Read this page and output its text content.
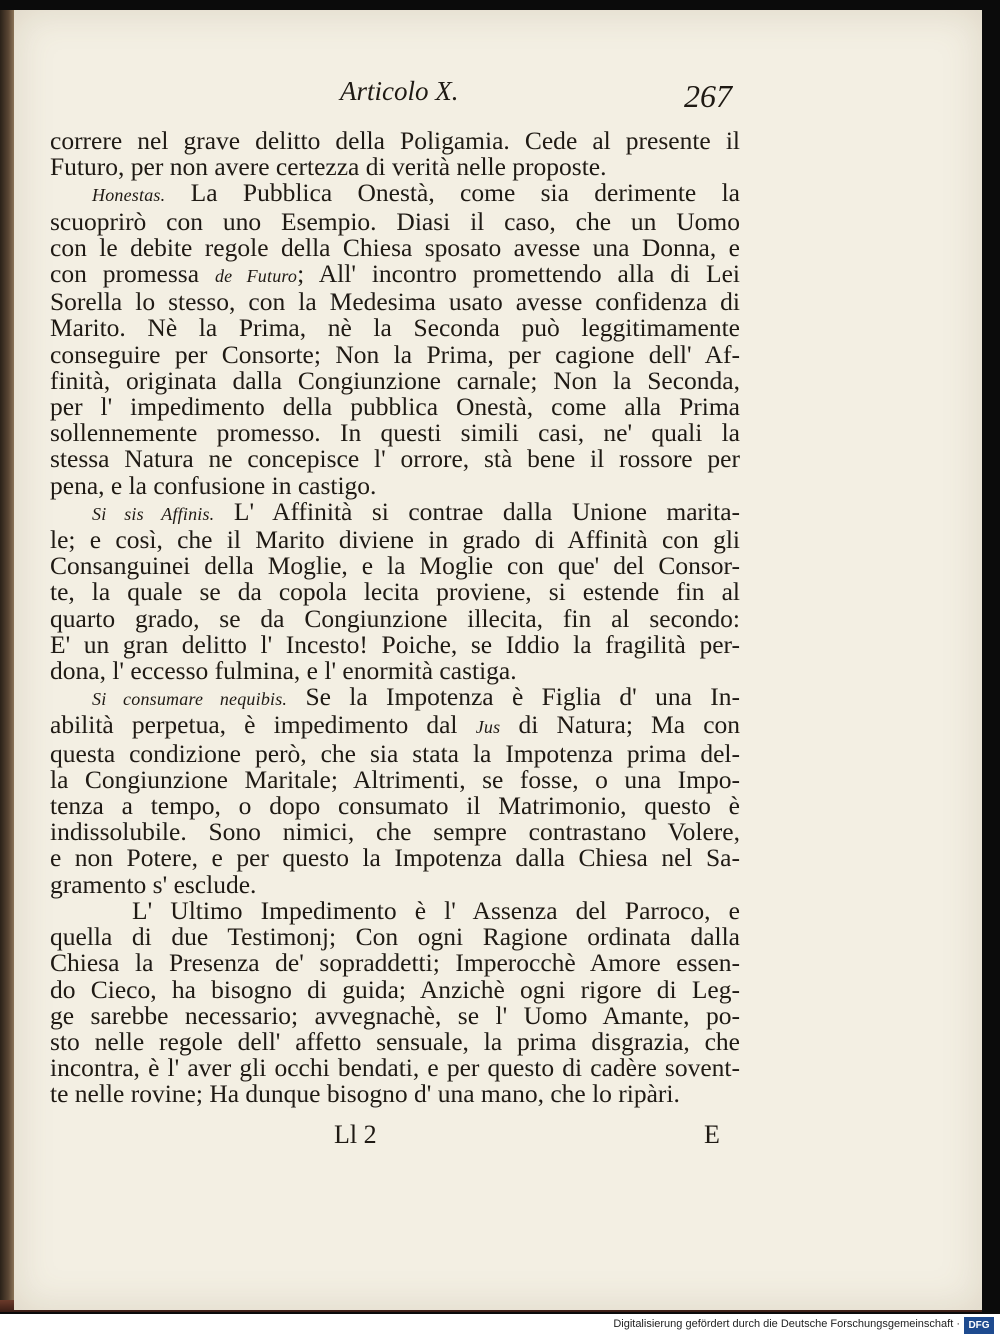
Articolo X.	267
correre nel grave delitto della Poligamia. Cede al presente il
Futuro, per non avere certezza di verità nelle proposte.
Honestas. La Pubblica Onestà, come sia derimente la
scuoprirò con uno Esempio. Diasi il caso, che un Uomo
con le debite regole della Chiesa sposato avesse una Donna, e
con promessa de Futuro; All' incontro promettendo alla di Lei
Sorella lo stesso, con la Medesima usato avesse confidenza di
Marito. Nè la Prima, nè la Seconda può leggitimamente
conseguire per Consorte; Non la Prima, per cagione dell' Af-
finità, originata dalla Congiunzione carnale; Non la Seconda,
per l' impedimento della pubblica Onestà, come alla Prima
sollennemente promesso. In questi simili casi, ne' quali la
stessa Natura ne concepisce l' orrore, stà bene il rossore per
pena, e la confusione in castigo.
Si sis Affinis. L' Affinità si contrae dalla Unione marita-
le; e così, che il Marito diviene in grado di Affinità con gli
Consanguinei della Moglie, e la Moglie con que' del Consor-
te, la quale se da copola lecita proviene, si estende fin al
quarto grado, se da Congiunzione illecita, fin al secondo:
E' un gran delitto l' Incesto! Poiche, se Iddio la fragilità per-
dona, l' eccesso fulmina, e l' enormità castiga.
Si consumare nequibis. Se la Impotenza è Figlia d' una In-
abilità perpetua, è impedimento dal Jus di Natura; Ma con
questa condizione però, che sia stata la Impotenza prima del-
la Congiunzione Maritale; Altrimenti, se fosse, o una Impo-
tenza a tempo, o dopo consumato il Matrimonio, questo è
indissolubile. Sono nimici, che sempre contrastano Volere,
e non Potere, e per questo la Impotenza dalla Chiesa nel Sa-
gramento s' esclude.
L' Ultimo Impedimento è l' Assenza del Parroco, e
quella di due Testimonj; Con ogni Ragione ordinata dalla
Chiesa la Presenza de' sopraddetti; Imperocchè Amore essen-
do Cieco, ha bisogno di guida; Anzichè ogni rigore di Leg-
ge sarebbe necessario; avvegnachè, se l' Uomo Amante, po-
sto nelle regole dell' affetto sensuale, la prima disgrazia, che
incontra, è l' aver gli occhi bendati, e per questo di cadère sovent-
te nelle rovine; Ha dunque bisogno d' una mano, che lo ripàri.
Ll 2	E
Digitalisierung gefördert durch die Deutsche Forschungsgemeinschaft · DFG
